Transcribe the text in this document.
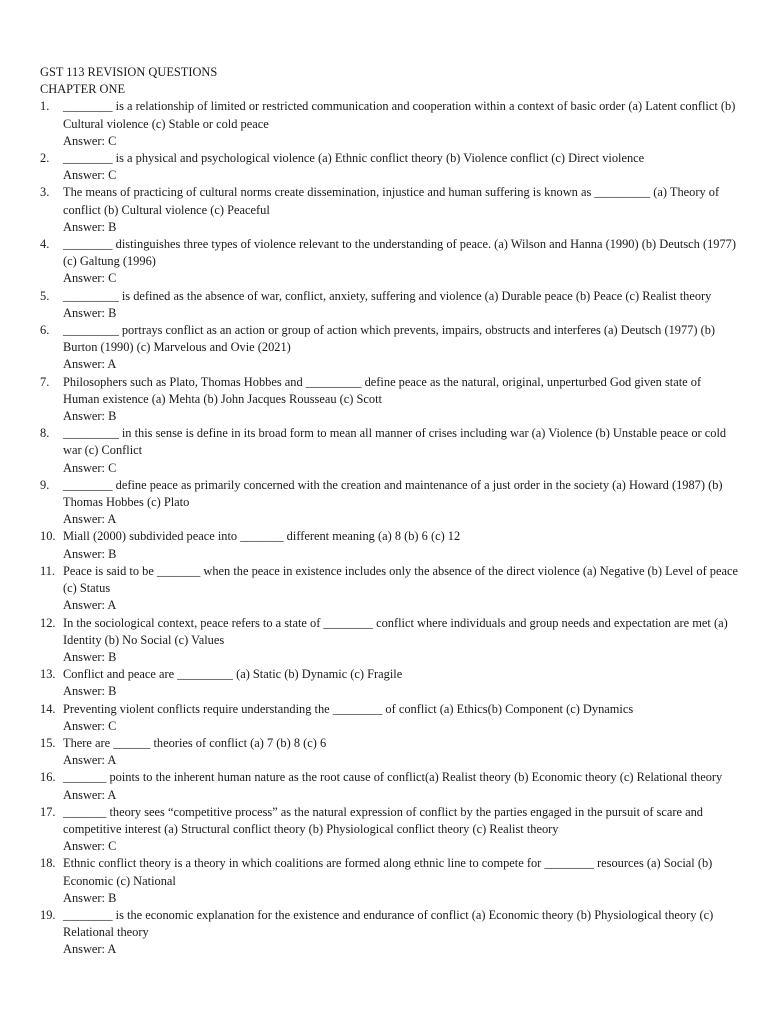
GST 113 REVISION QUESTIONS
CHAPTER ONE
1.	________ is a relationship of limited or restricted communication and cooperation within a context of basic order (a) Latent conflict (b) Cultural violence (c) Stable or cold peace
Answer: C
2.	________ is a physical and psychological violence (a) Ethnic conflict theory (b) Violence conflict (c) Direct violence
Answer: C
3.	The means of practicing of cultural norms create dissemination, injustice and human suffering is known as _________ (a) Theory of conflict (b) Cultural violence (c) Peaceful
Answer: B
4.	________ distinguishes three types of violence relevant to the understanding of peace. (a) Wilson and Hanna (1990) (b) Deutsch (1977) (c) Galtung (1996)
Answer: C
5.	_________ is defined as the absence of war, conflict, anxiety, suffering and violence (a) Durable peace (b) Peace (c) Realist theory
Answer: B
6.	_________ portrays conflict as an action or group of action which prevents, impairs, obstructs and interferes (a) Deutsch (1977) (b) Burton (1990) (c) Marvelous and Ovie (2021)
Answer: A
7.	Philosophers such as Plato, Thomas Hobbes and _________ define peace as the natural, original, unperturbed God given state of Human existence (a) Mehta (b) John Jacques Rousseau (c) Scott
Answer: B
8.	_________ in this sense is define in its broad form to mean all manner of crises including war (a) Violence (b) Unstable peace or cold war (c) Conflict
Answer: C
9.	________ define peace as primarily concerned with the creation and maintenance of a just order in the society (a) Howard (1987) (b) Thomas Hobbes (c) Plato
Answer: A
10. Miall (2000) subdivided peace into _______ different meaning (a) 8 (b) 6 (c) 12
Answer: B
11. Peace is said to be _______ when the peace in existence includes only the absence of the direct violence (a) Negative (b) Level of peace (c) Status
Answer: A
12. In the sociological context, peace refers to a state of ________ conflict where individuals and group needs and expectation are met (a) Identity (b) No Social (c) Values
Answer: B
13. Conflict and peace are _________ (a) Static (b) Dynamic (c) Fragile
Answer: B
14. Preventing violent conflicts require understanding the ________ of conflict (a) Ethics(b) Component (c) Dynamics
Answer: C
15. There are ______ theories of conflict (a) 7 (b) 8 (c) 6
Answer: A
16. _______ points to the inherent human nature as the root cause of conflict(a) Realist theory (b) Economic theory (c) Relational theory
Answer: A
17. _______ theory sees “competitive process” as the natural expression of conflict by the parties engaged in the pursuit of scare and competitive interest (a) Structural conflict theory (b) Physiological conflict theory (c) Realist theory
Answer: C
18. Ethnic conflict theory is a theory in which coalitions are formed along ethnic line to compete for ________ resources (a) Social (b) Economic (c) National
Answer: B
19. ________ is the economic explanation for the existence and endurance of conflict (a) Economic theory (b) Physiological theory (c) Relational theory
Answer: A
